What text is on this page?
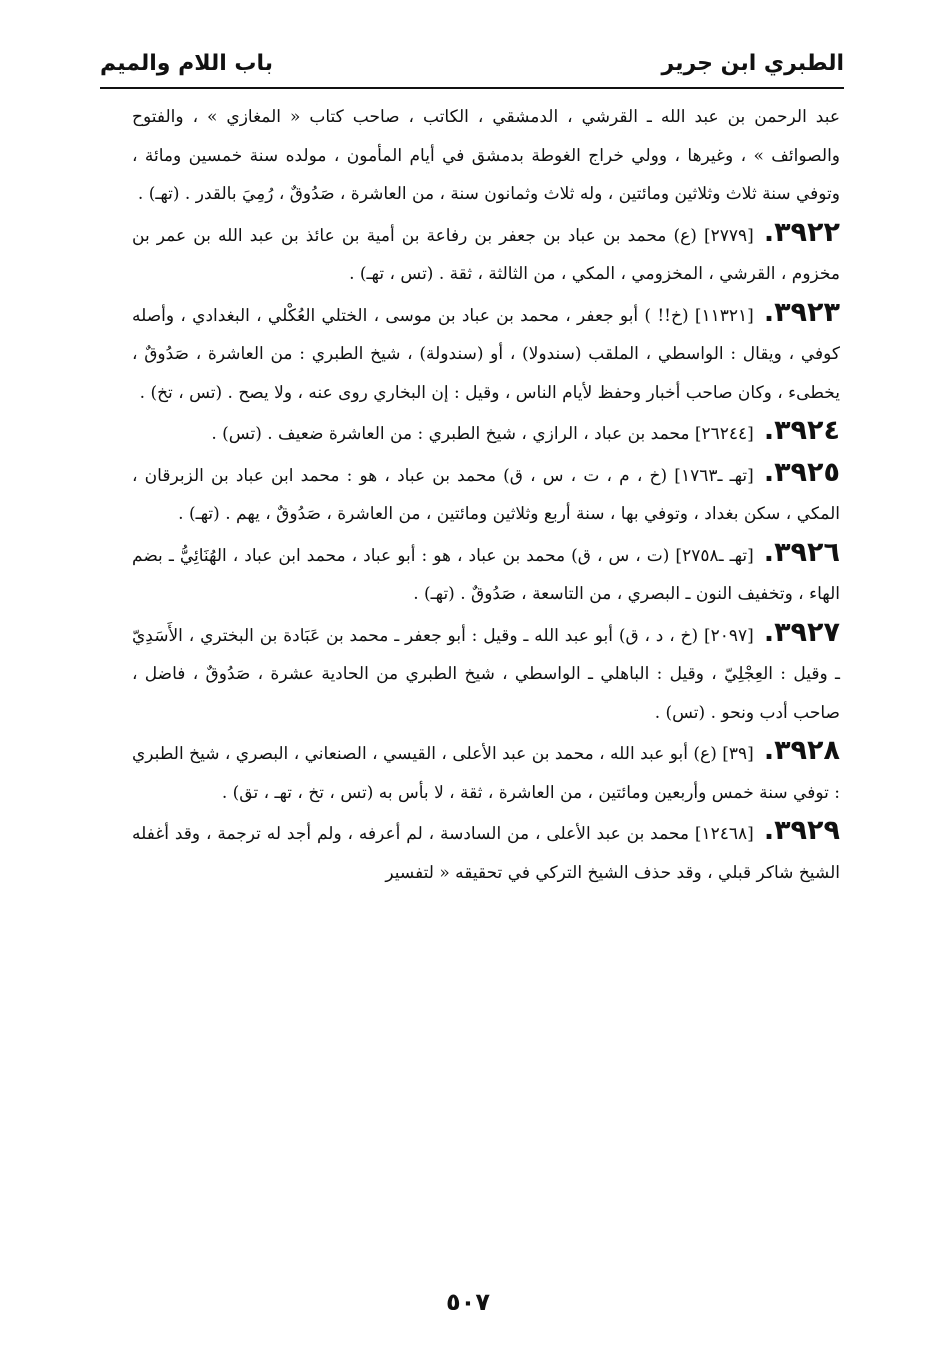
الطبري ابن جرير
باب اللام والميم

عبد الرحمن بن عبد الله ـ القرشي ، الدمشقي ، الكاتب ، صاحب كتاب « المغازي » ، والفتوح والصوائف » ، وغيرها ، وولي خراج الغوطة بدمشق في أيام المأمون ، مولده سنة خمسين ومائة ، وتوفي سنة ثلاث وثلاثين ومائتين ، وله ثلاث وثمانون سنة ، من العاشرة ، صَدُوقٌ ، رُمِيَ بالقدر . (تهـ) .

٣٩٢٢.[٢٧٧٩] (ع) محمد بن عباد بن جعفر بن رفاعة بن أمية بن عائذ بن عبد الله بن عمر بن مخزوم ، القرشي ، المخزومي ، المكي ، من الثالثة ، ثقة . (تس ، تهـ) .

٣٩٢٣.[١١٣٢١] (خ!! ) أبو جعفر ، محمد بن عباد بن موسى ، الختلي العُكْلي ، البغدادي ، وأصله كوفي ، ويقال : الواسطي ، الملقب (سندولا) ، أو (سندولة) ، شيخ الطبري : من العاشرة ، صَدُوقٌ ، يخطىء ، وكان صاحب أخبار وحفظ لأيام الناس ، وقيل : إن البخاري روى عنه ، ولا يصح . (تس ، تخ) .

٣٩٢٤.[٢٦٢٤٤] محمد بن عباد ، الرازي ، شيخ الطبري : من العاشرة ضعيف . (تس) .

٣٩٢٥.[تهـ ـ١٧٦٣] (خ ، م ، ت ، س ، ق) محمد بن عباد ، هو : محمد ابن عباد بن الزبرقان ، المكي ، سكن بغداد ، وتوفي بها ، سنة أربع وثلاثين ومائتين ، من العاشرة ، صَدُوقٌ ، يهم . (تهـ) .

٣٩٢٦.[تهـ ـ٢٧٥٨] (ت ، س ، ق) محمد بن عباد ، هو : أبو عباد ، محمد ابن عباد ، الهُنَائِيُّ ـ بضم الهاء ، وتخفيف النون ـ البصري ، من التاسعة ، صَدُوقٌ . (تهـ) .

٣٩٢٧.[٢٠٩٧] (خ ، د ، ق) أبو عبد الله ـ وقيل : أبو جعفر ـ محمد بن عَبَادة بن البختري ، الأَسَدِيّ ـ وقيل : العِجْلِيّ ، وقيل : الباهلي ـ الواسطي ، شيخ الطبري من الحادية عشرة ، صَدُوقٌ ، فاضل ، صاحب أدب ونحو . (تس) .

٣٩٢٨.[٣٩] (ع) أبو عبد الله ، محمد بن عبد الأعلى ، القيسي ، الصنعاني ، البصري ، شيخ الطبري : توفي سنة خمس وأربعين ومائتين ، من العاشرة ، ثقة ، لا بأس به (تس ، تخ ، تهـ ، تق) .

٣٩٢٩.[١٢٤٦٨] محمد بن عبد الأعلى ، من السادسة ، لم أعرفه ، ولم أجد له ترجمة ، وقد أغفله الشيخ شاكر قبلي ، وقد حذف الشيخ التركي في تحقيقه « لتفسير

٥٠٧
